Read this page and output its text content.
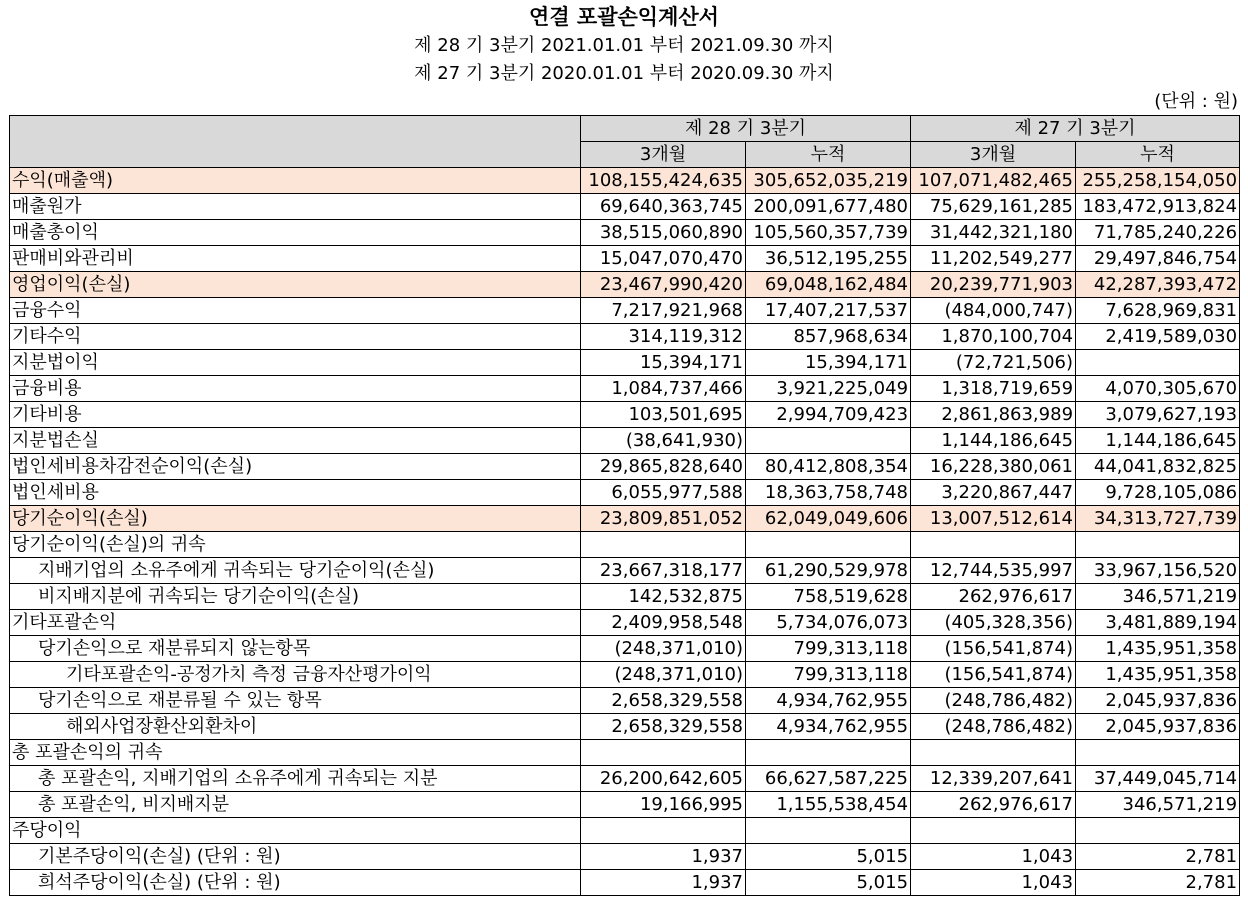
연결 포괄손익계산서
제 28 기 3분기 2021.01.01 부터 2021.09.30 까지
제 27 기 3분기 2020.01.01 부터 2020.09.30 까지
(단위 : 원)
	제 28 기 3분기		제 27 기 3분기	
	3개월	누적	3개월	누적
수익(매출액)	108,155,424,635	305,652,035,219	107,071,482,465	255,258,154,050
매출원가	69,640,363,745	200,091,677,480	75,629,161,285	183,472,913,824
매출총이익	38,515,060,890	105,560,357,739	31,442,321,180	71,785,240,226
판매비와관리비	15,047,070,470	36,512,195,255	11,202,549,277	29,497,846,754
영업이익(손실)	23,467,990,420	69,048,162,484	20,239,771,903	42,287,393,472
금융수익	7,217,921,968	17,407,217,537	(484,000,747)	7,628,969,831
기타수익	314,119,312	857,968,634	1,870,100,704	2,419,589,030
지분법이익	15,394,171	15,394,171	(72,721,506)	
금융비용	1,084,737,466	3,921,225,049	1,318,719,659	4,070,305,670
기타비용	103,501,695	2,994,709,423	2,861,863,989	3,079,627,193
지분법손실	(38,641,930)		1,144,186,645	1,144,186,645
법인세비용차감전순이익(손실)	29,865,828,640	80,412,808,354	16,228,380,061	44,041,832,825
법인세비용	6,055,977,588	18,363,758,748	3,220,867,447	9,728,105,086
당기순이익(손실)	23,809,851,052	62,049,049,606	13,007,512,614	34,313,727,739
당기순이익(손실)의 귀속				
지배기업의 소유주에게 귀속되는 당기순이익(손실)	23,667,318,177	61,290,529,978	12,744,535,997	33,967,156,520
비지배지분에 귀속되는 당기순이익(손실)	142,532,875	758,519,628	262,976,617	346,571,219
기타포괄손익	2,409,958,548	5,734,076,073	(405,328,356)	3,481,889,194
당기손익으로 재분류되지 않는항목	(248,371,010)	799,313,118	(156,541,874)	1,435,951,358
기타포괄손익-공정가치 측정 금융자산평가이익	(248,371,010)	799,313,118	(156,541,874)	1,435,951,358
당기손익으로 재분류될 수 있는 항목	2,658,329,558	4,934,762,955	(248,786,482)	2,045,937,836
해외사업장환산외환차이	2,658,329,558	4,934,762,955	(248,786,482)	2,045,937,836
총 포괄손익의 귀속				
총 포괄손익, 지배기업의 소유주에게 귀속되는 지분	26,200,642,605	66,627,587,225	12,339,207,641	37,449,045,714
총 포괄손익, 비지배지분	19,166,995	1,155,538,454	262,976,617	346,571,219
주당이익				
기본주당이익(손실) (단위 : 원)	1,937	5,015	1,043	2,781
희석주당이익(손실) (단위 : 원)	1,937	5,015	1,043	2,781
